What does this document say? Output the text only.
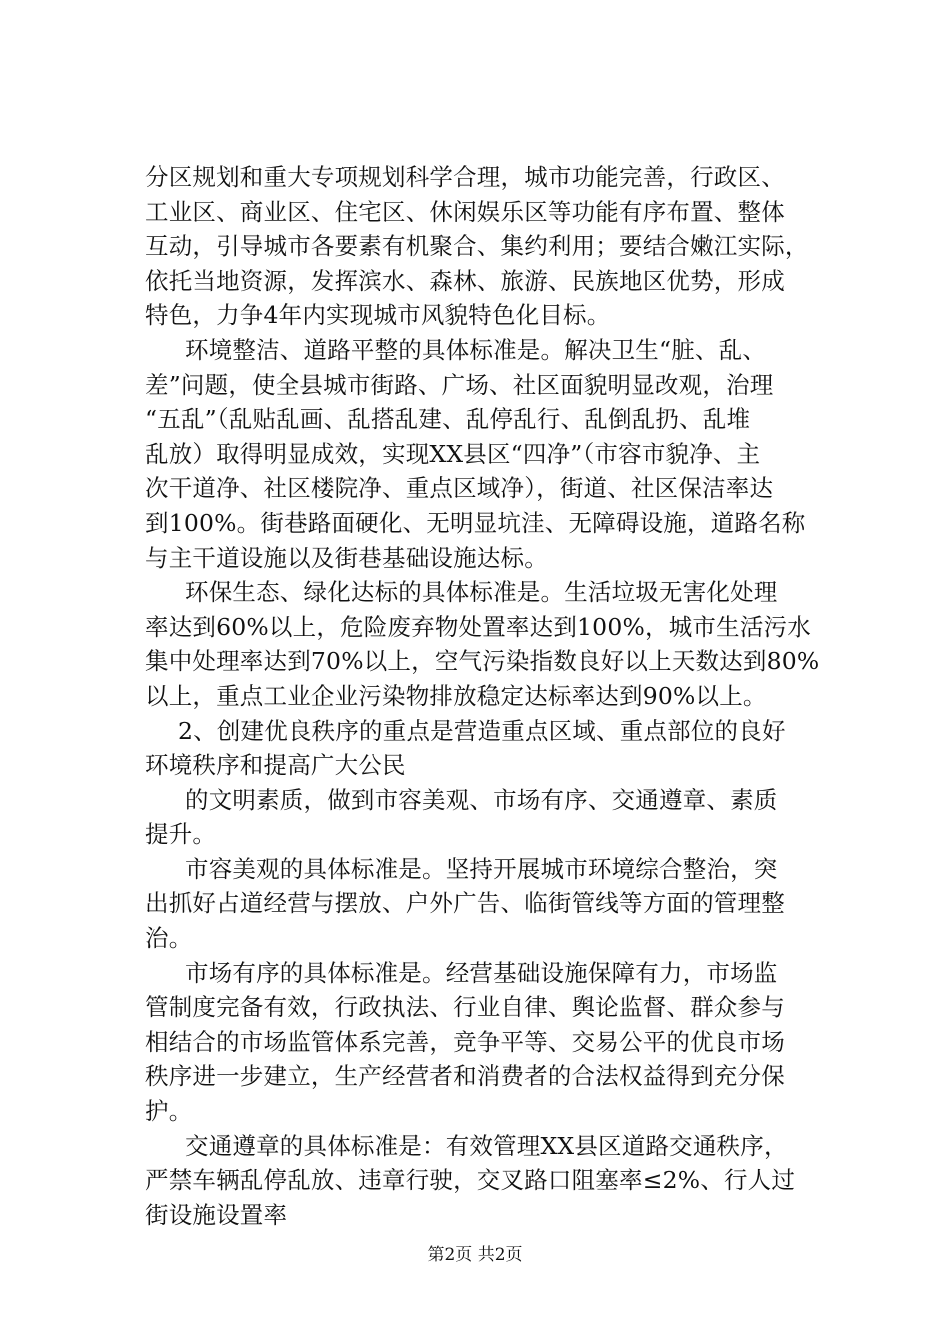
分区规划和重大专项规划科学合理，城市功能完善，行政区、
工业区、商业区、住宅区、休闲娱乐区等功能有序布置、整体
互动，引导城市各要素有机聚合、集约利用；要结合嫩江实际，
依托当地资源，发挥滨水、森林、旅游、民族地区优势，形成
特色，力争4年内实现城市风貌特色化目标。
环境整洁、道路平整的具体标准是。解决卫生“脏、乱、
差”问题，使全县城市街路、广场、社区面貌明显改观，治理
“五乱”（乱贴乱画、乱搭乱建、乱停乱行、乱倒乱扔、乱堆
乱放）取得明显成效，实现XX县区“四净”（市容市貌净、主
次干道净、社区楼院净、重点区域净），街道、社区保洁率达
到100%。街巷路面硬化、无明显坑洼、无障碍设施，道路名称
与主干道设施以及街巷基础设施达标。
环保生态、绿化达标的具体标准是。生活垃圾无害化处理
率达到60%以上，危险废弃物处置率达到100%，城市生活污水
集中处理率达到70%以上，空气污染指数良好以上天数达到80%
以上，重点工业企业污染物排放稳定达标率达到90%以上。
2、创建优良秩序的重点是营造重点区域、重点部位的良好
环境秩序和提高广大公民
的文明素质，做到市容美观、市场有序、交通遵章、素质
提升。
市容美观的具体标准是。坚持开展城市环境综合整治，突
出抓好占道经营与摆放、户外广告、临街管线等方面的管理整
治。
市场有序的具体标准是。经营基础设施保障有力，市场监
管制度完备有效，行政执法、行业自律、舆论监督、群众参与
相结合的市场监管体系完善，竞争平等、交易公平的优良市场
秩序进一步建立，生产经营者和消费者的合法权益得到充分保
护。
交通遵章的具体标准是：有效管理XX县区道路交通秩序，
严禁车辆乱停乱放、违章行驶，交叉路口阻塞率≤2%、行人过
街设施设置率
第2页 共2页
